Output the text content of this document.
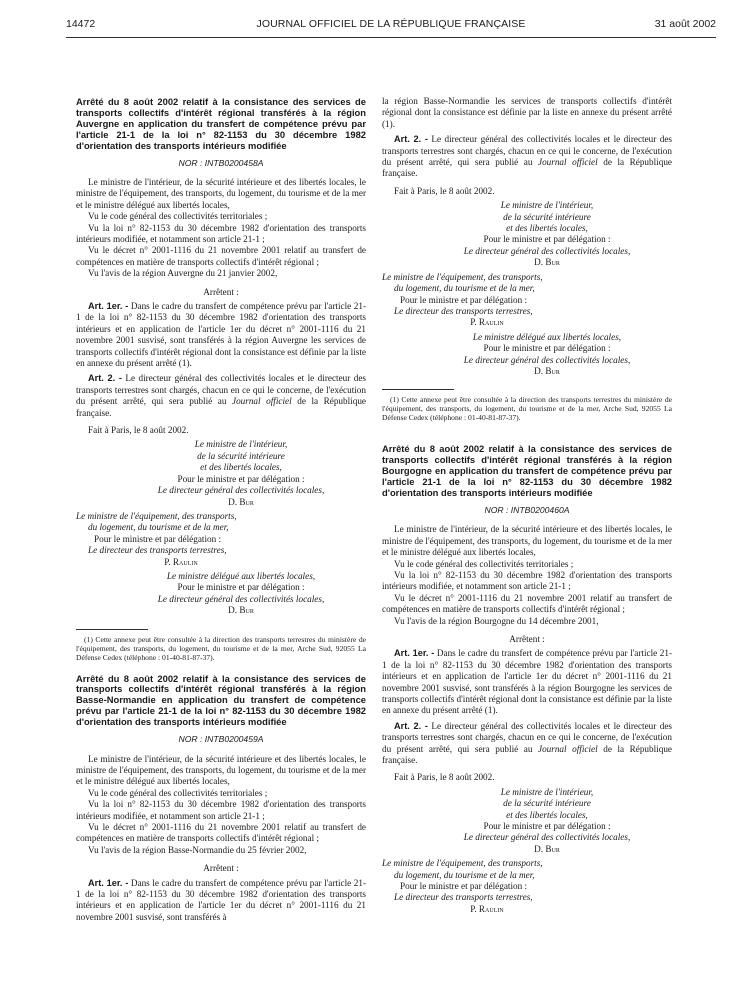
14472	JOURNAL OFFICIEL DE LA RÉPUBLIQUE FRANÇAISE	31 août 2002
Arrêté du 8 août 2002 relatif à la consistance des services de transports collectifs d'intérêt régional transférés à la région Auvergne en application du transfert de compétence prévu par l'article 21-1 de la loi n° 82-1153 du 30 décembre 1982 d'orientation des transports intérieurs modifiée
NOR : INTB0200458A

Le ministre de l'intérieur, de la sécurité intérieure et des libertés locales, le ministre de l'équipement, des transports, du logement, du tourisme et de la mer et le ministre délégué aux libertés locales,

Vu le code général des collectivités territoriales ;

Vu la loi n° 82-1153 du 30 décembre 1982 d'orientation des transports intérieurs modifiée, et notamment son article 21-1 ;

Vu le décret n° 2001-1116 du 21 novembre 2001 relatif au transfert de compétences en matière de transports collectifs d'intérêt régional ;

Vu l'avis de la région Auvergne du 21 janvier 2002,

Arrêtent :

Art. 1er. - Dans le cadre du transfert de compétence prévu par l'article 21-1 de la loi n° 82-1153 du 30 décembre 1982 d'orientation des transports intérieurs et en application de l'article 1er du décret n° 2001-1116 du 21 novembre 2001 susvisé, sont transférés à la région Auvergne les services de transports collectifs d'intérêt régional dont la consistance est définie par la liste en annexe du présent arrêté (1).

Art. 2. - Le directeur général des collectivités locales et le directeur des transports terrestres sont chargés, chacun en ce qui le concerne, de l'exécution du présent arrêté, qui sera publié au Journal officiel de la République française.

Fait à Paris, le 8 août 2002.

Le ministre de l'intérieur,
de la sécurité intérieure
et des libertés locales,
Pour le ministre et par délégation :
Le directeur général des collectivités locales,
D. Bur
Le ministre de l'équipement, des transports,
du logement, du tourisme et de la mer,
Pour le ministre et par délégation :
Le directeur des transports terrestres,
P. Raulin
Le ministre délégué aux libertés locales,
Pour le ministre et par délégation :
Le directeur général des collectivités locales,
D. Bur
(1) Cette annexe peut être consultée à la direction des transports terrestres du ministère de l'équipement, des transports, du logement, du tourisme et de la mer, Arche Sud, 92055 La Défense Cedex (téléphone : 01-40-81-87-37).
Arrêté du 8 août 2002 relatif à la consistance des services de transports collectifs d'intérêt régional transférés à la région Basse-Normandie en application du transfert de compétence prévu par l'article 21-1 de la loi n° 82-1153 du 30 décembre 1982 d'orientation des transports intérieurs modifiée
NOR : INTB0200459A

Le ministre de l'intérieur, de la sécurité intérieure et des libertés locales, le ministre de l'équipement, des transports, du logement, du tourisme et de la mer et le ministre délégué aux libertés locales,

Vu le code général des collectivités territoriales ;

Vu la loi n° 82-1153 du 30 décembre 1982 d'orientation des transports intérieurs modifiée, et notamment son article 21-1 ;

Vu le décret n° 2001-1116 du 21 novembre 2001 relatif au transfert de compétences en matière de transports collectifs d'intérêt régional ;

Vu l'avis de la région Basse-Normandie du 25 février 2002,

Arrêtent :

Art. 1er. - Dans le cadre du transfert de compétence prévu par l'article 21-1 de la loi n° 82-1153 du 30 décembre 1982 d'orientation des transports intérieurs et en application de l'article 1er du décret n° 2001-1116 du 21 novembre 2001 susvisé, sont transférés à

la région Basse-Normandie les services de transports collectifs d'intérêt régional dont la consistance est définie par la liste en annexe du présent arrêté (1).

Art. 2. - Le directeur général des collectivités locales et le directeur des transports terrestres sont chargés, chacun en ce qui le concerne, de l'exécution du présent arrêté, qui sera publié au Journal officiel de la République française.

Fait à Paris, le 8 août 2002.

Le ministre de l'intérieur,
de la sécurité intérieure
et des libertés locales,
Pour le ministre et par délégation :
Le directeur général des collectivités locales,
D. Bur
Le ministre de l'équipement, des transports,
du logement, du tourisme et de la mer,
Pour le ministre et par délégation :
Le directeur des transports terrestres,
P. Raulin
Le ministre délégué aux libertés locales,
Pour le ministre et par délégation :
Le directeur général des collectivités locales,
D. Bur
(1) Cette annexe peut être consultée à la direction des transports terrestres du ministère de l'équipement, des transports, du logement, du tourisme et de la mer, Arche Sud, 92055 La Défense Cedex (téléphone : 01-40-81-87-37).
Arrêté du 8 août 2002 relatif à la consistance des services de transports collectifs d'intérêt régional transférés à la région Bourgogne en application du transfert de compétence prévu par l'article 21-1 de la loi n° 82-1153 du 30 décembre 1982 d'orientation des transports intérieurs modifiée
NOR : INTB0200460A

Le ministre de l'intérieur, de la sécurité intérieure et des libertés locales, le ministre de l'équipement, des transports, du logement, du tourisme et de la mer et le ministre délégué aux libertés locales,

Vu le code général des collectivités territoriales ;

Vu la loi n° 82-1153 du 30 décembre 1982 d'orientation des transports intérieurs modifiée, et notamment son article 21-1 ;

Vu le décret n° 2001-1116 du 21 novembre 2001 relatif au transfert de compétences en matière de transports collectifs d'intérêt régional ;

Vu l'avis de la région Bourgogne du 14 décembre 2001,

Arrêtent :

Art. 1er. - Dans le cadre du transfert de compétence prévu par l'article 21-1 de la loi n° 82-1153 du 30 décembre 1982 d'orientation des transports intérieurs et en application de l'article 1er du décret n° 2001-1116 du 21 novembre 2001 susvisé, sont transférés à la région Bourgogne les services de transports collectifs d'intérêt régional dont la consistance est définie par la liste en annexe du présent arrêté (1).

Art. 2. - Le directeur général des collectivités locales et le directeur des transports terrestres sont chargés, chacun en ce qui le concerne, de l'exécution du présent arrêté, qui sera publié au Journal officiel de la République française.

Fait à Paris, le 8 août 2002.

Le ministre de l'intérieur,
de la sécurité intérieure
et des libertés locales,
Pour le ministre et par délégation :
Le directeur général des collectivités locales,
D. Bur
Le ministre de l'équipement, des transports,
du logement, du tourisme et de la mer,
Pour le ministre et par délégation :
Le directeur des transports terrestres,
P. Raulin
